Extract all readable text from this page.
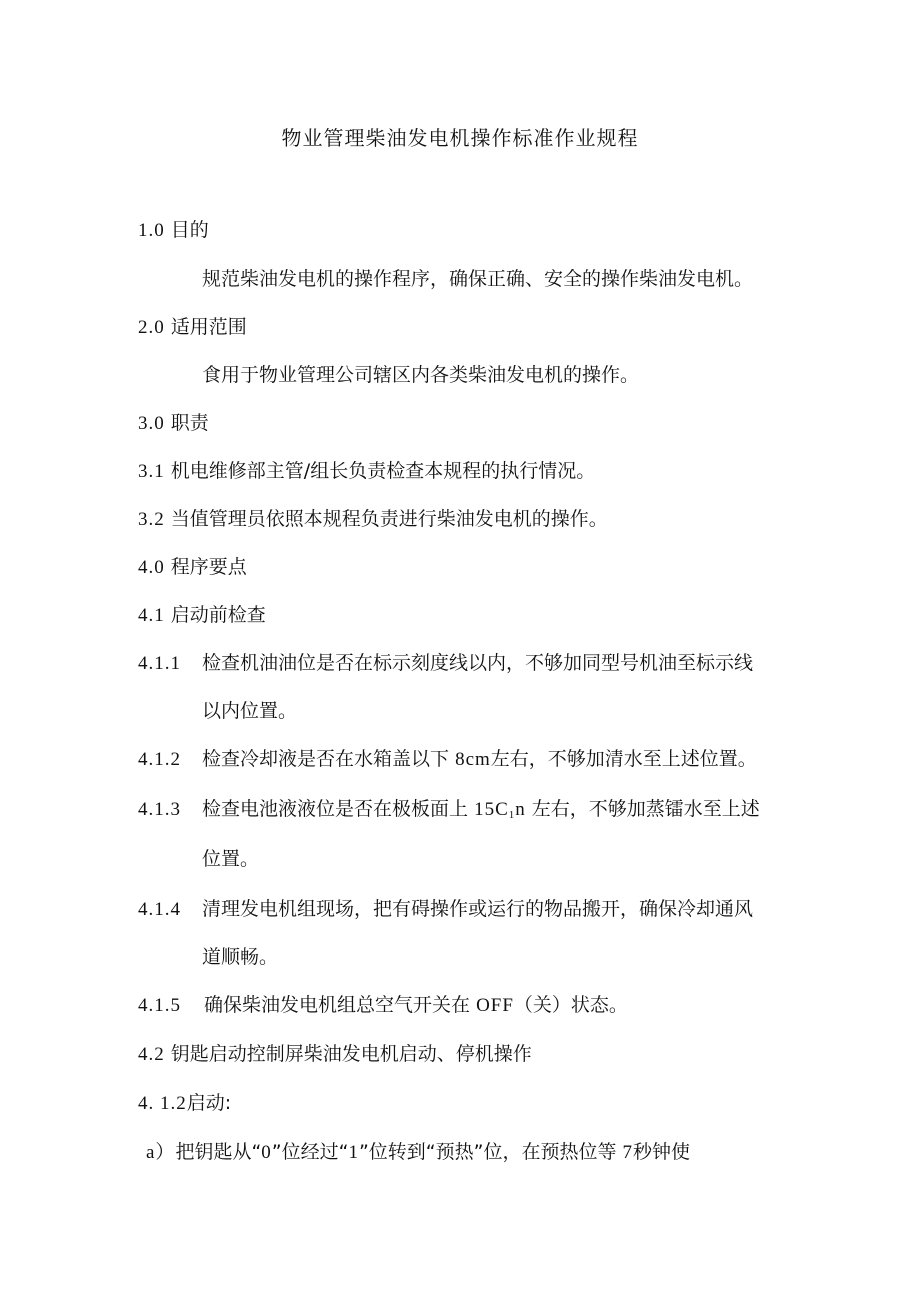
物业管理柴油发电机操作标准作业规程
1.0 目的
规范柴油发电机的操作程序，确保正确、安全的操作柴油发电机。
2.0 适用范围
食用于物业管理公司辖区内各类柴油发电机的操作。
3.0 职责
3.1 机电维修部主管/组长负责检查本规程的执行情况。
3.2 当值管理员依照本规程负责进行柴油发电机的操作。
4.0 程序要点
4.1 启动前检查
4.1.1 检查机油油位是否在标示刻度线以内，不够加同型号机油至标示线
以内位置。
4.1.2 检查冷却液是否在水箱盖以下 8cm左右，不够加清水至上述位置。
4.1.3 检查电池液液位是否在极板面上 $15C_1n$ 左右，不够加蒸镭水至上述
位置。
4.1.4 清理发电机组现场，把有碍操作或运行的物品搬开，确保冷却通风
道顺畅。
4.1.5 确保柴油发电机组总空气开关在 OFF（关）状态。
4.2 钥匙启动控制屏柴油发电机启动、停机操作
4. 1.2启动:
a）把钥匙从“0”位经过“1”位转到“预热”位，在预热位等 7秒钟使
